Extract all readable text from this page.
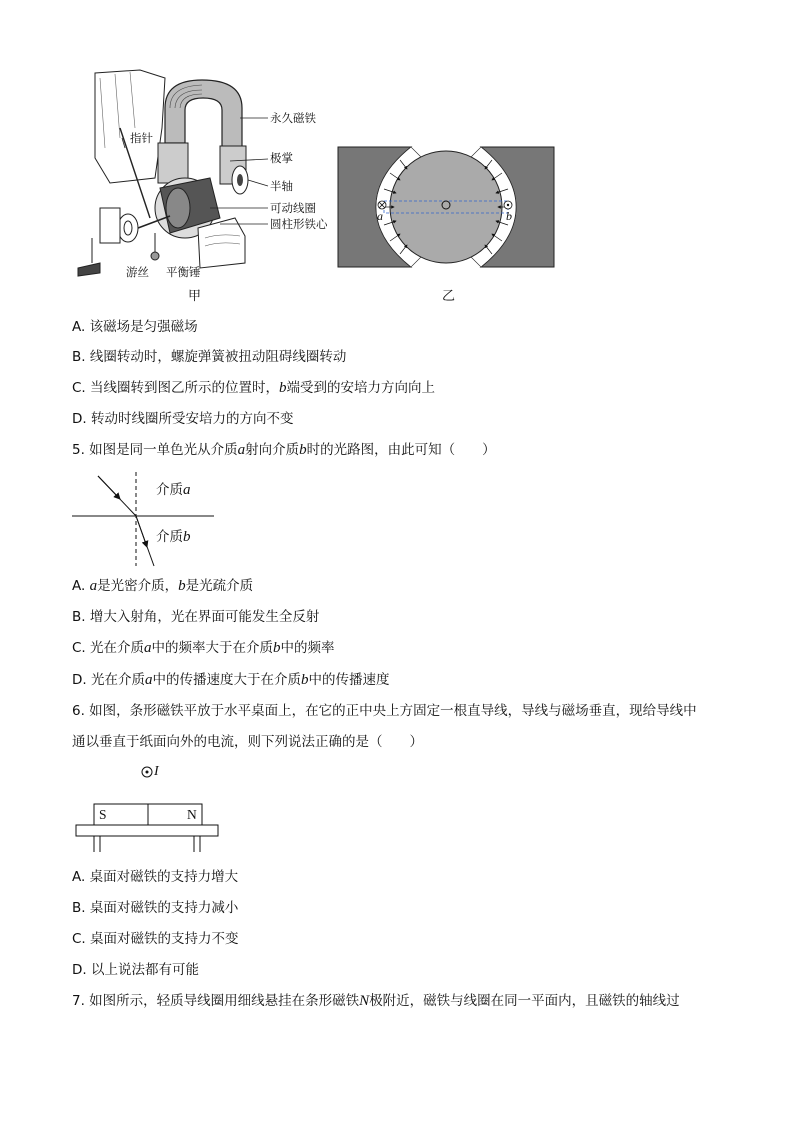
永久磁铁
极掌
半轴
指针
可动线圈
圆柱形铁心
游丝 平衡锤
甲
a	b
乙
A. 该磁场是匀强磁场
B. 线圈转动时，螺旋弹簧被扭动阻碍线圈转动
C. 当线圈转到图乙所示的位置时，b端受到的安培力方向向上
D. 转动时线圈所受安培力的方向不变
5. 如图是同一单色光从介质a射向介质b时的光路图，由此可知（　　）
介质a
介质b
A. a是光密介质，b是光疏介质
B. 增大入射角，光在界面可能发生全反射
C. 光在介质a中的频率大于在介质b中的频率
D. 光在介质a中的传播速度大于在介质b中的传播速度
6. 如图，条形磁铁平放于水平桌面上，在它的正中央上方固定一根直导线，导线与磁场垂直，现给导线中
通以垂直于纸面向外的电流，则下列说法正确的是（　　）
I
S	N
A. 桌面对磁铁的支持力增大
B. 桌面对磁铁的支持力减小
C. 桌面对磁铁的支持力不变
D. 以上说法都有可能
7. 如图所示，轻质导线圈用细线悬挂在条形磁铁N极附近，磁铁与线圈在同一平面内，且磁铁的轴线过
